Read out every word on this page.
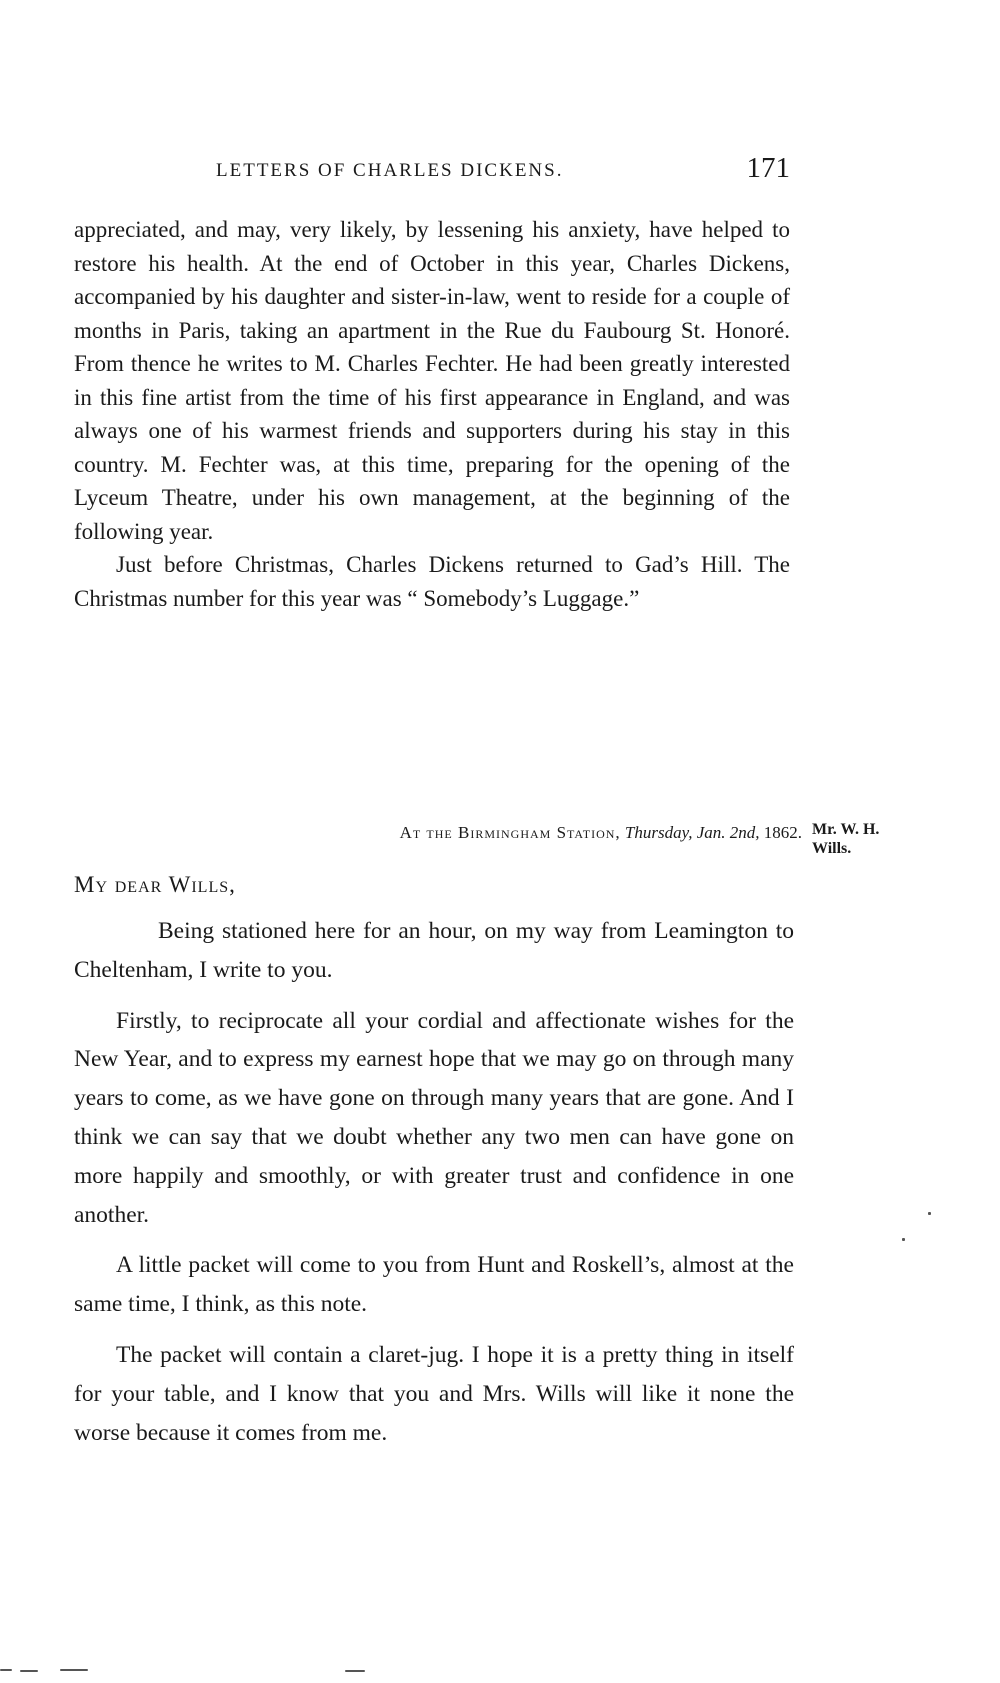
LETTERS OF CHARLES DICKENS.	171

appreciated, and may, very likely, by lessening his anxiety, have helped to restore his health. At the end of October in this year, Charles Dickens, accompanied by his daughter and sister-in-law, went to reside for a couple of months in Paris, taking an apartment in the Rue du Faubourg St. Honoré. From thence he writes to M. Charles Fechter. He had been greatly interested in this fine artist from the time of his first appearance in England, and was always one of his warmest friends and supporters during his stay in this country. M. Fechter was, at this time, preparing for the opening of the Lyceum Theatre, under his own management, at the beginning of the following year.

Just before Christmas, Charles Dickens returned to Gad’s Hill. The Christmas number for this year was “ Somebody’s Luggage.”

At the Birmingham Station, Thursday, Jan. 2nd, 1862. Mr. W. H. Wills.
My dear Wills,

Being stationed here for an hour, on my way from Leamington to Cheltenham, I write to you.

Firstly, to reciprocate all your cordial and affectionate wishes for the New Year, and to express my earnest hope that we may go on through many years to come, as we have gone on through many years that are gone. And I think we can say that we doubt whether any two men can have gone on more happily and smoothly, or with greater trust and confidence in one another.

A little packet will come to you from Hunt and Roskell’s, almost at the same time, I think, as this note.

The packet will contain a claret-jug. I hope it is a pretty thing in itself for your table, and I know that you and Mrs. Wills will like it none the worse because it comes from me.
